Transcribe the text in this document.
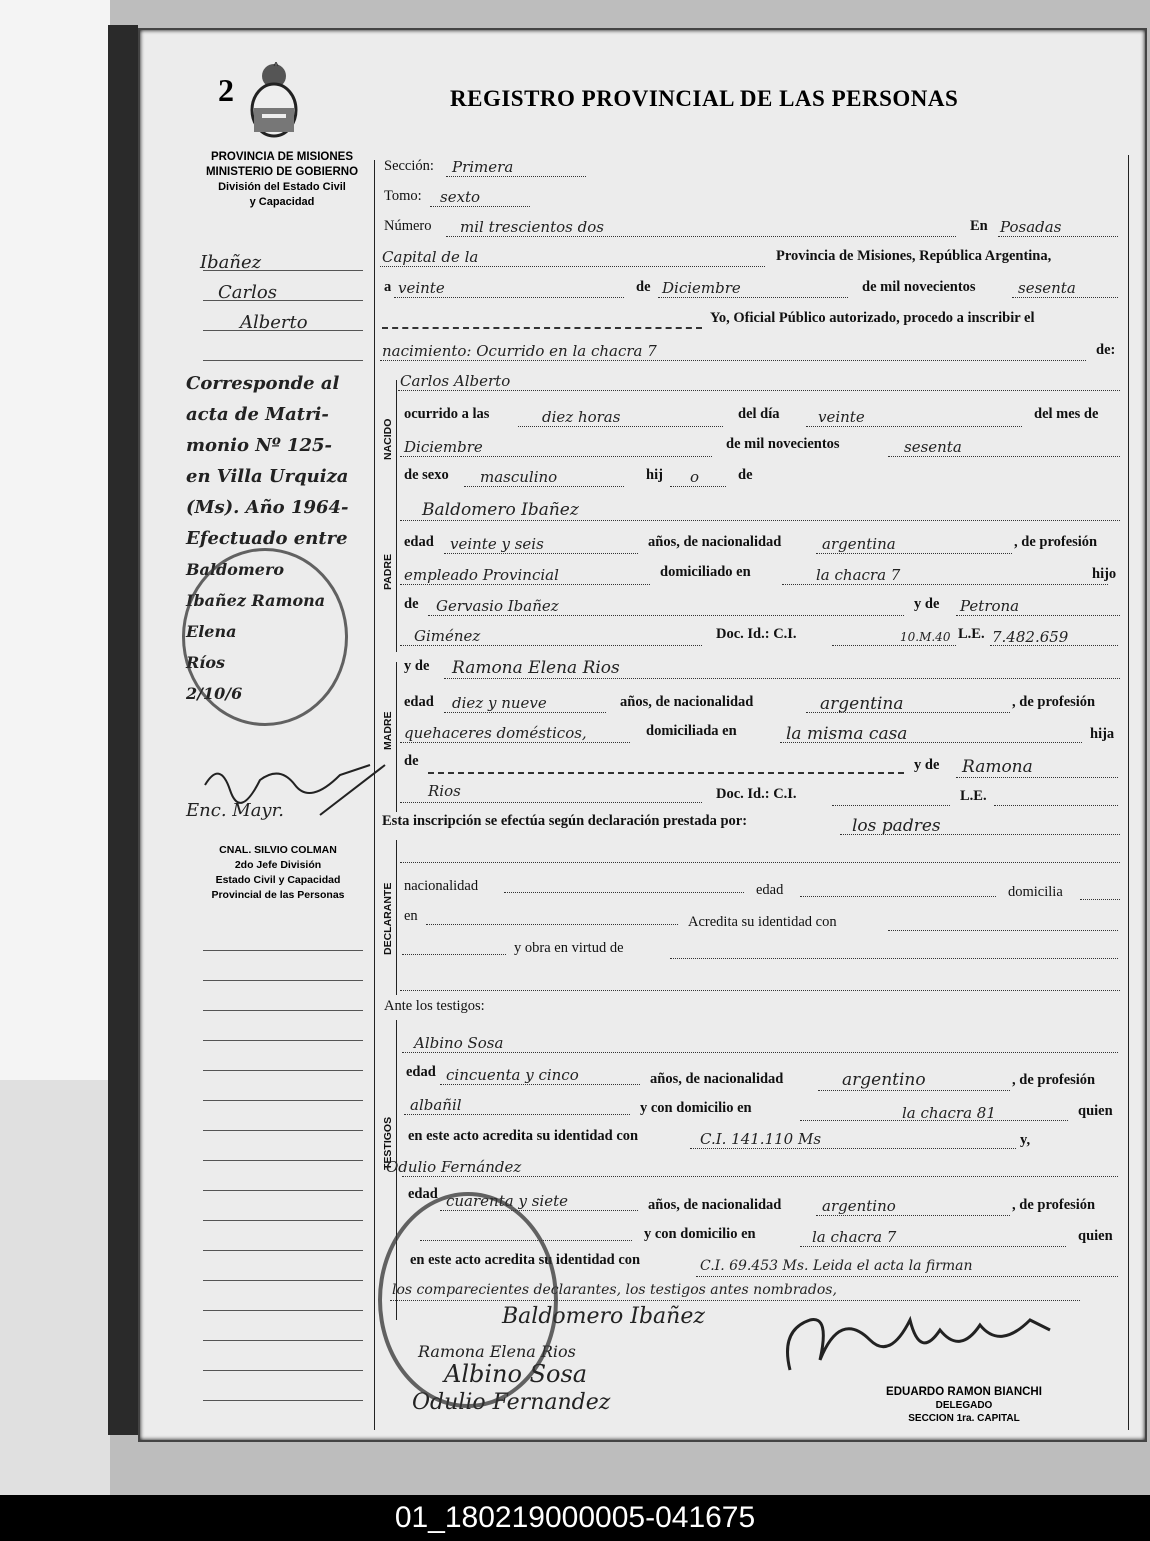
2	REGISTRO PROVINCIAL DE LAS PERSONAS
PROVINCIA DE MISIONES
MINISTERIO DE GOBIERNO
División del Estado Civil
y Capacidad
Ibañez
Carlos
Alberto
Corresponde al
acta de Matri-
monio Nº 125-
en Villa Urquiza
(Ms). Año 1964-
Efectuado entre
Baldomero
Ibañez Ramona
Elena
Ríos
2/10/6
Enc. Mayr.
CNAL. SILVIO COLMAN
2do Jefe División
Estado Civil y Capacidad
Provincial de las Personas
NACIDO
PADRE
MADRE
DECLARANTE
TESTIGOS
Sección: Primera
Tomo: sexto
Número mil trescientos dos	En Posadas
Capital de la	Provincia de Misiones, República Argentina,
a veinte	de Diciembre	de mil novecientos	sesenta
Yo, Oficial Público autorizado, procedo a inscribir el
nacimiento: Ocurrido en la chacra 7	de:
Carlos Alberto
ocurrido a las	diez horas	del día	veinte	del mes de
Diciembre	de mil novecientos	sesenta
de sexo masculino	hij o	de
Baldomero Ibañez
edad veinte y seis	años, de nacionalidad	argentina	, de profesión
empleado Provincial	domiciliado en	la chacra 7	hijo
de Gervasio Ibañez	y de Petrona
Giménez	Doc. Id.: C.I.	10.M.40 L.E. 7.482.659
y de Ramona Elena Rios
edad diez y nueve	años, de nacionalidad	argentina	, de profesión
quehaceres domésticos,	domiciliada en	la misma casa	hija
de	y de Ramona
Rios	Doc. Id.: C.I.	L.E.
Esta inscripción se efectúa según declaración prestada por:	los padres
nacionalidad	edad	domicilia
en	Acredita su identidad con
y obra en virtud de
Ante los testigos:
Albino Sosa
edad cincuenta y cinco	años, de nacionalidad	argentino	, de profesión
albañil	y con domicilio en	la chacra 81	quien
en este acto acredita su identidad con	C.I. 141.110 Ms	y,
Odulio Fernández
edad cuarenta y siete	años, de nacionalidad	argentino	, de profesión
y con domicilio en	la chacra 7	quien
en este acto acredita su identidad con	C.I. 69.453 Ms. Leida el acta la firman
los comparecientes declarantes, los testigos antes nombrados,
Baldomero Ibañez
Ramona Elena Rios
Albino Sosa
Odulio Fernandez	EDUARDO RAMON BIANCHI
DELEGADO
SECCION 1ra. CAPITAL
01_180219000005-041675
